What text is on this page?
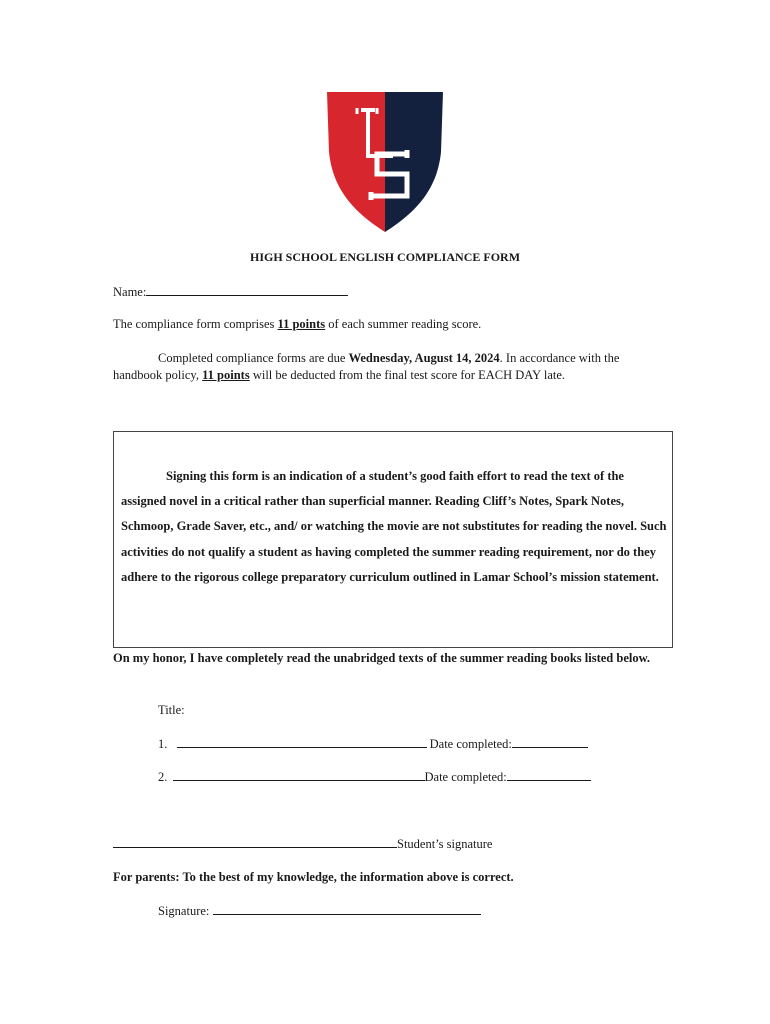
HIGH SCHOOL ENGLISH COMPLIANCE FORM
Name:
The compliance form comprises 11 points of each summer reading score.
Completed compliance forms are due Wednesday, August 14, 2024. In accordance with the handbook policy, 11 points will be deducted from the final test score for EACH DAY late.
Signing this form is an indication of a student’s good faith effort to read the text of the assigned novel in a critical rather than superficial manner. Reading Cliff’s Notes, Spark Notes, Schmoop, Grade Saver, etc., and/ or watching the movie are not substitutes for reading the novel. Such activities do not qualify a student as having completed the summer reading requirement, nor do they adhere to the rigorous college preparatory curriculum outlined in Lamar School’s mission statement.
On my honor, I have completely read the unabridged texts of the summer reading books listed below.
Title:
1.	Date completed:
2.	Date completed:
Student’s signature
For parents: To the best of my knowledge, the information above is correct.
Signature:
